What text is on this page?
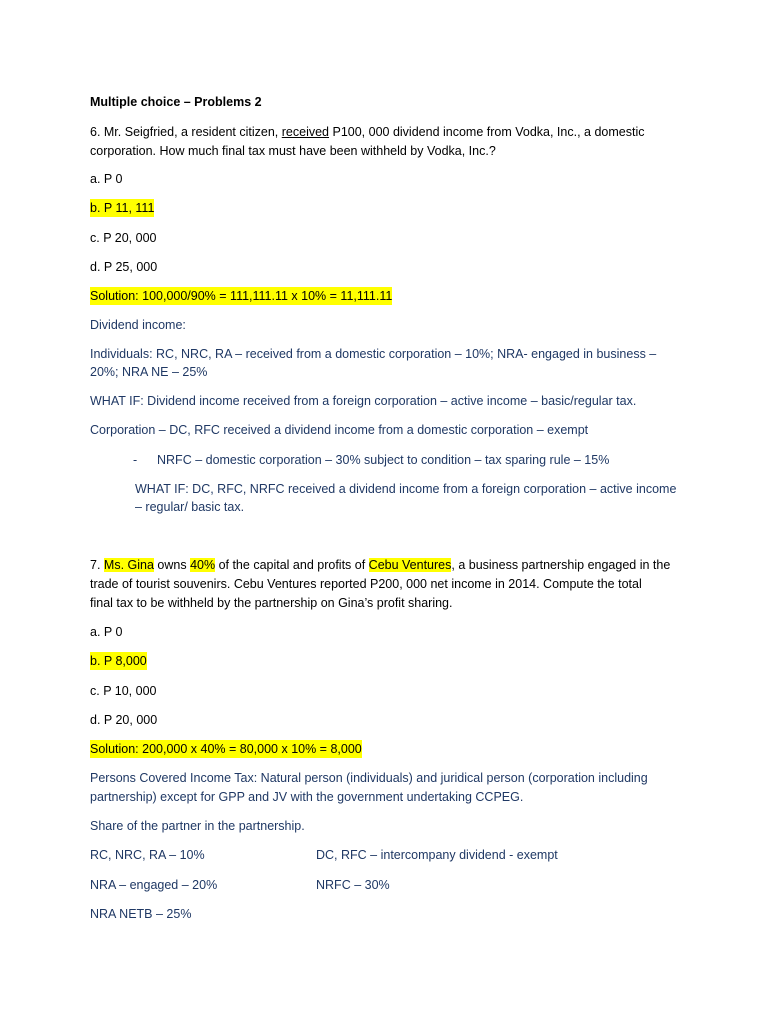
Multiple choice – Problems 2
6. Mr. Seigfried, a resident citizen, received P100, 000 dividend income from Vodka, Inc., a domestic
corporation. How much final tax must have been withheld by Vodka, Inc.?
a. P 0
b. P 11, 111
c. P 20, 000
d. P 25, 000
Solution: 100,000/90% = 111,111.11 x 10% = 11,111.11
Dividend income:
Individuals: RC, NRC, RA – received from a domestic corporation – 10%; NRA- engaged in business –
20%; NRA NE – 25%
WHAT IF: Dividend income received from a foreign corporation – active income – basic/regular tax.
Corporation – DC, RFC received a dividend income from a domestic corporation – exempt
- NRFC – domestic corporation – 30% subject to condition – tax sparing rule – 15%
WHAT IF: DC, RFC, NRFC received a dividend income from a foreign corporation – active income
– regular/ basic tax.
7. Ms. Gina owns 40% of the capital and profits of Cebu Ventures, a business partnership engaged in the
trade of tourist souvenirs. Cebu Ventures reported P200, 000 net income in 2014. Compute the total
final tax to be withheld by the partnership on Gina’s profit sharing.
a. P 0
b. P 8,000
c. P 10, 000
d. P 20, 000
Solution: 200,000 x 40% = 80,000 x 10% = 8,000
Persons Covered Income Tax: Natural person (individuals) and juridical person (corporation including
partnership) except for GPP and JV with the government undertaking CCPEG.
Share of the partner in the partnership.
RC, NRC, RA – 10%	DC, RFC – intercompany dividend - exempt
NRA – engaged – 20%	NRFC – 30%
NRA NETB – 25%
